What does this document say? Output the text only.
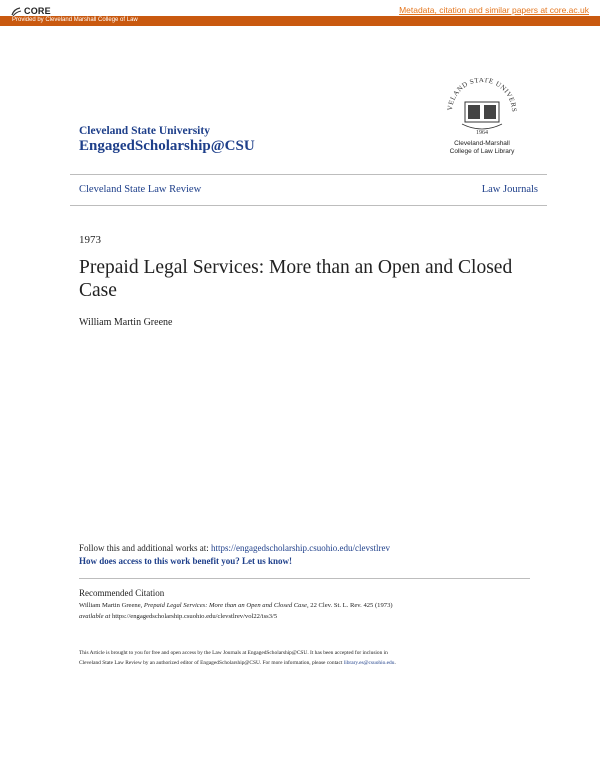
CORE	Metadata, citation and similar papers at core.ac.uk
Provided by Cleveland Marshall College of Law
Cleveland State University
EngagedScholarship@CSU
VELAND STATE UNIVERS
1964
Cleveland-Marshall
College of Law Library
Cleveland State Law Review	Law Journals
1973
Prepaid Legal Services: More than an Open and Closed Case
William Martin Greene
Follow this and additional works at: https://engagedscholarship.csuohio.edu/clevstlrev
How does access to this work benefit you? Let us know!
Recommended Citation
William Martin Greene, Prepaid Legal Services: More than an Open and Closed Case, 22 Clev. St. L. Rev. 425 (1973)
available at https://engagedscholarship.csuohio.edu/clevstlrev/vol22/iss3/5
This Article is brought to you for free and open access by the Law Journals at EngagedScholarship@CSU. It has been accepted for inclusion in
Cleveland State Law Review by an authorized editor of EngagedScholarship@CSU. For more information, please contact library.es@csuohio.edu.
